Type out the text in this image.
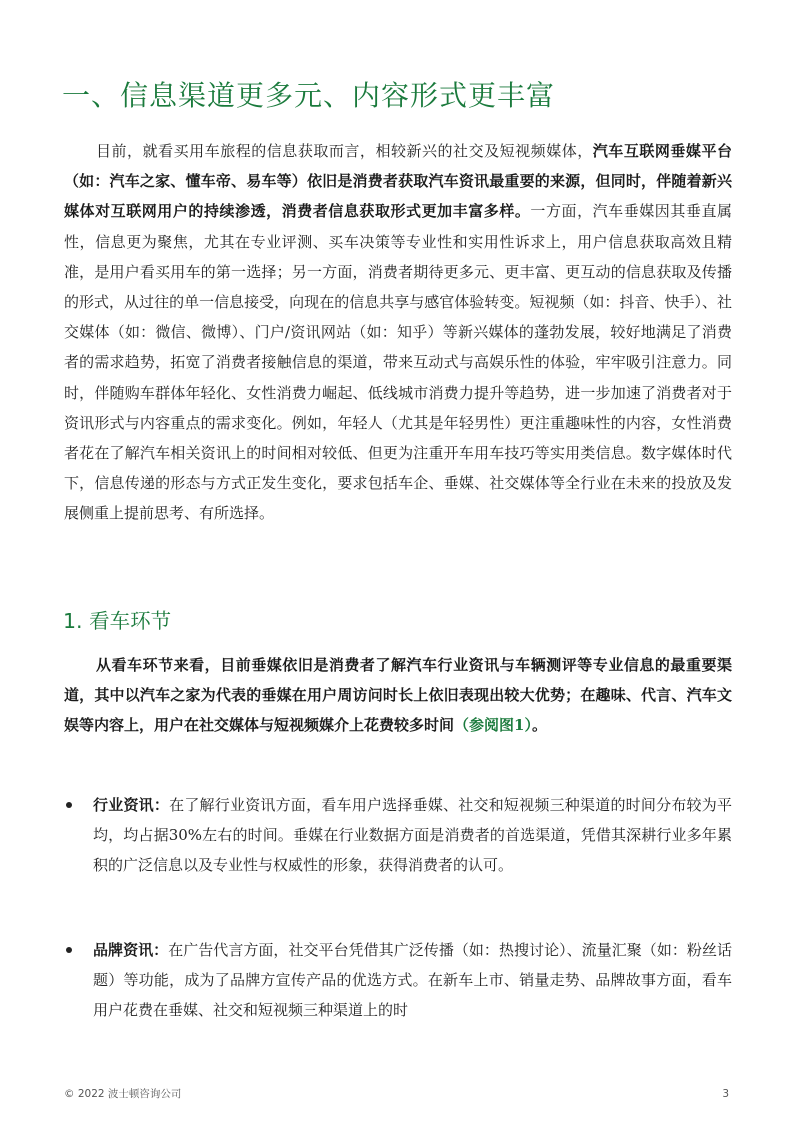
一、信息渠道更多元、内容形式更丰富

目前，就看买用车旅程的信息获取而言，相较新兴的社交及短视频媒体，汽车互联网垂媒平台（如：汽车之家、懂车帝、易车等）依旧是消费者获取汽车资讯最重要的来源，但同时，伴随着新兴媒体对互联网用户的持续渗透，消费者信息获取形式更加丰富多样。一方面，汽车垂媒因其垂直属性，信息更为聚焦，尤其在专业评测、买车决策等专业性和实用性诉求上，用户信息获取高效且精准，是用户看买用车的第一选择；另一方面，消费者期待更多元、更丰富、更互动的信息获取及传播的形式，从过往的单一信息接受，向现在的信息共享与感官体验转变。短视频（如：抖音、快手）、社交媒体（如：微信、微博）、门户/资讯网站（如：知乎）等新兴媒体的蓬勃发展，较好地满足了消费者的需求趋势，拓宽了消费者接触信息的渠道，带来互动式与高娱乐性的体验，牢牢吸引注意力。同时，伴随购车群体年轻化、女性消费力崛起、低线城市消费力提升等趋势，进一步加速了消费者对于资讯形式与内容重点的需求变化。例如，年轻人（尤其是年轻男性）更注重趣味性的内容，女性消费者花在了解汽车相关资讯上的时间相对较低、但更为注重开车用车技巧等实用类信息。数字媒体时代下，信息传递的形态与方式正发生变化，要求包括车企、垂媒、社交媒体等全行业在未来的投放及发展侧重上提前思考、有所选择。

1. 看车环节

从看车环节来看，目前垂媒依旧是消费者了解汽车行业资讯与车辆测评等专业信息的最重要渠道，其中以汽车之家为代表的垂媒在用户周访问时长上依旧表现出较大优势；在趣味、代言、汽车文娱等内容上，用户在社交媒体与短视频媒介上花费较多时间（参阅图1）。

行业资讯：在了解行业资讯方面，看车用户选择垂媒、社交和短视频三种渠道的时间分布较为平均，均占据30%左右的时间。垂媒在行业数据方面是消费者的首选渠道，凭借其深耕行业多年累积的广泛信息以及专业性与权威性的形象，获得消费者的认可。

品牌资讯：在广告代言方面，社交平台凭借其广泛传播（如：热搜讨论）、流量汇聚（如：粉丝话题）等功能，成为了品牌方宣传产品的优选方式。在新车上市、销量走势、品牌故事方面，看车用户花费在垂媒、社交和短视频三种渠道上的时

© 2022 波士顿咨询公司	3
